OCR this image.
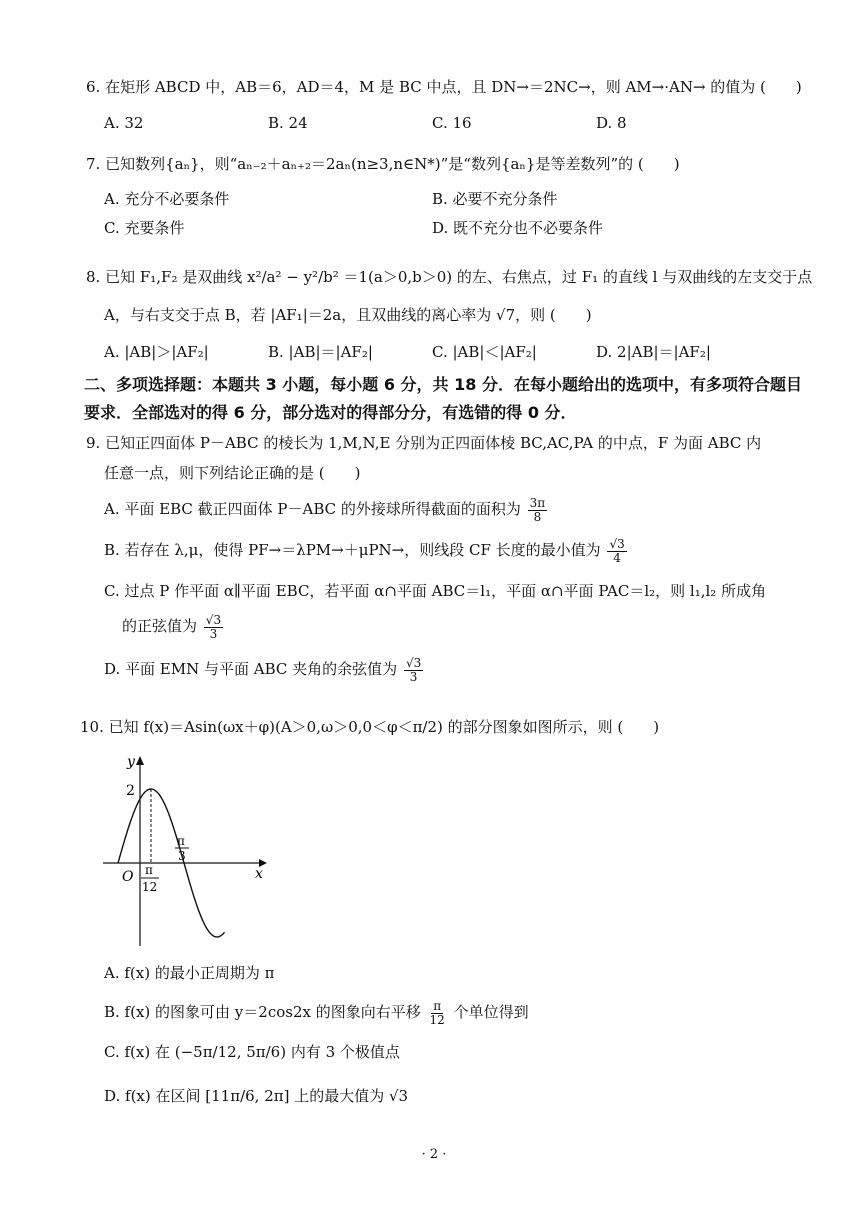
6. 在矩形 ABCD 中，AB＝6，AD＝4，M 是 BC 中点，且 DN→＝2NC→，则 AM→·AN→ 的值为 (　　)
A. 32	B. 24	C. 16	D. 8
7. 已知数列{aₙ}，则“aₙ₋₂＋aₙ₊₂＝2aₙ(n≥3,n∈N*)”是“数列{aₙ}是等差数列”的 (　　)
A. 充分不必要条件	B. 必要不充分条件
C. 充要条件	D. 既不充分也不必要条件
8. 已知 F₁,F₂ 是双曲线 x²/a² − y²/b² ＝1(a＞0,b＞0) 的左、右焦点，过 F₁ 的直线 l 与双曲线的左支交于点
A，与右支交于点 B，若 |AF₁|＝2a，且双曲线的离心率为 √7，则 (　　)
A. |AB|＞|AF₂|	B. |AB|＝|AF₂|	C. |AB|＜|AF₂|	D. 2|AB|＝|AF₂|
二、多项选择题：本题共 3 小题，每小题 6 分，共 18 分．在每小题给出的选项中，有多项符合题目要求．全部选对的得 6 分，部分选对的得部分分，有选错的得 0 分．
9. 已知正四面体 P－ABC 的棱长为 1,M,N,E 分别为正四面体棱 BC,AC,PA 的中点，F 为面 ABC 内
任意一点，则下列结论正确的是 (　　)
A. 平面 EBC 截正四面体 P－ABC 的外接球所得截面的面积为 $\frac{3\pi}{8}$
B. 若存在 λ,μ，使得 PF→＝λPM→＋μPN→，则线段 CF 长度的最小值为 $\frac{√3}{4}$
C. 过点 P 作平面 α∥平面 EBC，若平面 α∩平面 ABC＝l₁，平面 α∩平面 PAC＝l₂，则 l₁,l₂ 所成角
的正弦值为 $\frac{√3}{3}$
D. 平面 EMN 与平面 ABC 夹角的余弦值为 $\frac{√3}{3}$
10. 已知 f(x)＝Asin(ωx＋φ)(A＞0,ω＞0,0＜φ＜π/2) 的部分图象如图所示，则 (　　)
y
x
O
2
π
3
π
12
A. f(x) 的最小正周期为 π
B. f(x) 的图象可由 y＝2cos2x 的图象向右平移 $\frac{\pi}{12}$ 个单位得到
C. f(x) 在 (−5π/12, 5π/6) 内有 3 个极值点
D. f(x) 在区间 [11π/6, 2π] 上的最大值为 √3
· 2 ·
